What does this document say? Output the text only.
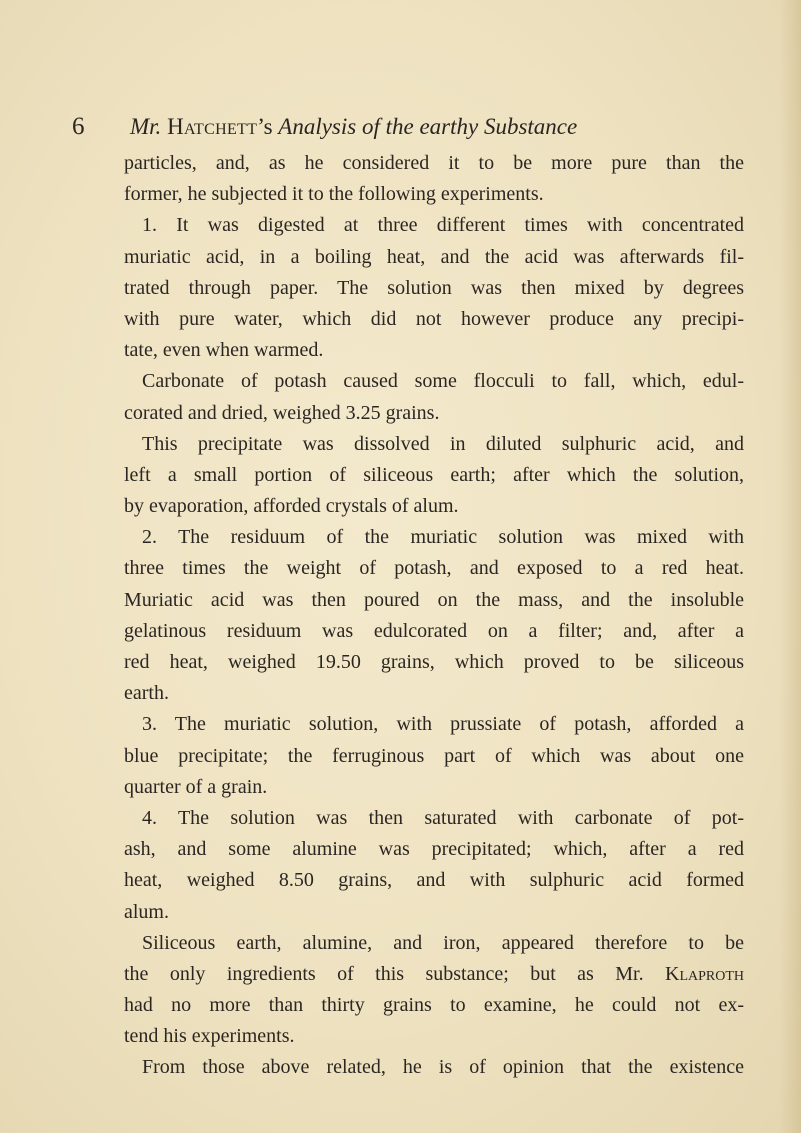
6 Mr. Hatchett’s Analysis of the earthy Substance
particles, and, as he considered it to be more pure than the
former, he subjected it to the following experiments.
1. It was digested at three different times with concentrated
muriatic acid, in a boiling heat, and the acid was afterwards fil-
trated through paper. The solution was then mixed by degrees
with pure water, which did not however produce any precipi-
tate, even when warmed.
Carbonate of potash caused some flocculi to fall, which, edul-
corated and dried, weighed 3.25 grains.
This precipitate was dissolved in diluted sulphuric acid, and
left a small portion of siliceous earth; after which the solution,
by evaporation, afforded crystals of alum.
2. The residuum of the muriatic solution was mixed with
three times the weight of potash, and exposed to a red heat.
Muriatic acid was then poured on the mass, and the insoluble
gelatinous residuum was edulcorated on a filter; and, after a
red heat, weighed 19.50 grains, which proved to be siliceous
earth.
3. The muriatic solution, with prussiate of potash, afforded a
blue precipitate; the ferruginous part of which was about one
quarter of a grain.
4. The solution was then saturated with carbonate of pot-
ash, and some alumine was precipitated; which, after a red
heat, weighed 8.50 grains, and with sulphuric acid formed
alum.
Siliceous earth, alumine, and iron, appeared therefore to be
the only ingredients of this substance; but as Mr. Klaproth
had no more than thirty grains to examine, he could not ex-
tend his experiments.
From those above related, he is of opinion that the existence
